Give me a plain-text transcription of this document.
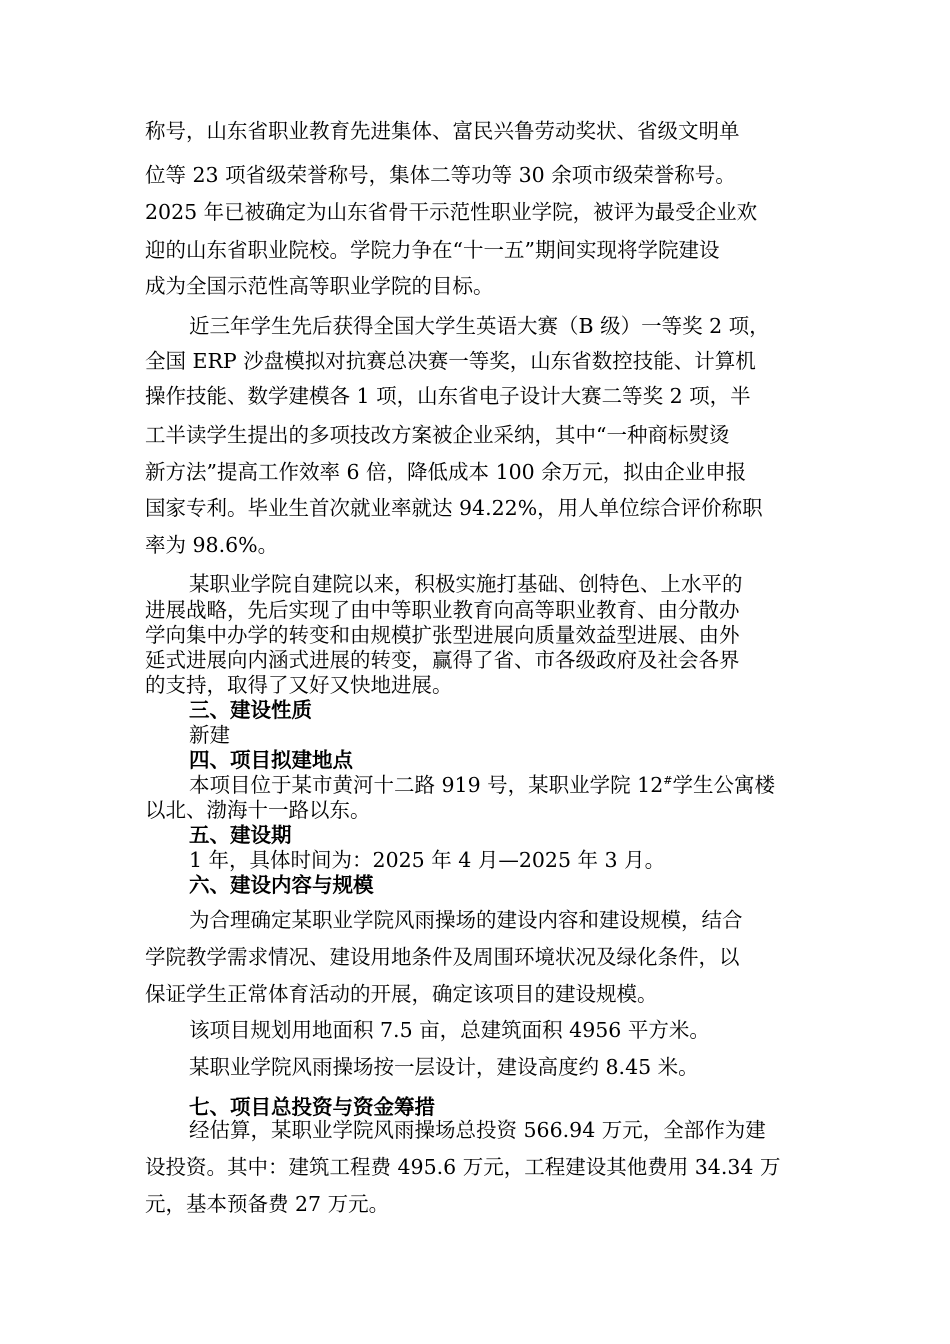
称号，山东省职业教育先进集体、富民兴鲁劳动奖状、省级文明单
位等 23 项省级荣誉称号，集体二等功等 30 余项市级荣誉称号。
2025 年已被确定为山东省骨干示范性职业学院，被评为最受企业欢
迎的山东省职业院校。学院力争在“十一五”期间实现将学院建设
成为全国示范性高等职业学院的目标。
近三年学生先后获得全国大学生英语大赛（B 级）一等奖 2 项，
全国 ERP 沙盘模拟对抗赛总决赛一等奖，山东省数控技能、计算机
操作技能、数学建模各 1 项，山东省电子设计大赛二等奖 2 项，半
工半读学生提出的多项技改方案被企业采纳，其中“一种商标熨烫
新方法”提高工作效率 6 倍，降低成本 100 余万元，拟由企业申报
国家专利。毕业生首次就业率就达 94.22%，用人单位综合评价称职
率为 98.6%。
某职业学院自建院以来，积极实施打基础、创特色、上水平的
进展战略，先后实现了由中等职业教育向高等职业教育、由分散办
学向集中办学的转变和由规模扩张型进展向质量效益型进展、由外
延式进展向内涵式进展的转变，赢得了省、市各级政府及社会各界
的支持，取得了又好又快地进展。
三、建设性质
新建
四、项目拟建地点
本项目位于某市黄河十二路 919 号，某职业学院 12#学生公寓楼
以北、渤海十一路以东。
五、建设期
1 年，具体时间为：2025 年 4 月—2025 年 3 月。
六、建设内容与规模
为合理确定某职业学院风雨操场的建设内容和建设规模，结合
学院教学需求情况、建设用地条件及周围环境状况及绿化条件，以
保证学生正常体育活动的开展，确定该项目的建设规模。
该项目规划用地面积 7.5 亩，总建筑面积 4956 平方米。
某职业学院风雨操场按一层设计，建设高度约 8.45 米。
七、项目总投资与资金筹措
经估算，某职业学院风雨操场总投资 566.94 万元，全部作为建
设投资。其中：建筑工程费 495.6 万元，工程建设其他费用 34.34 万
元，基本预备费 27 万元。
